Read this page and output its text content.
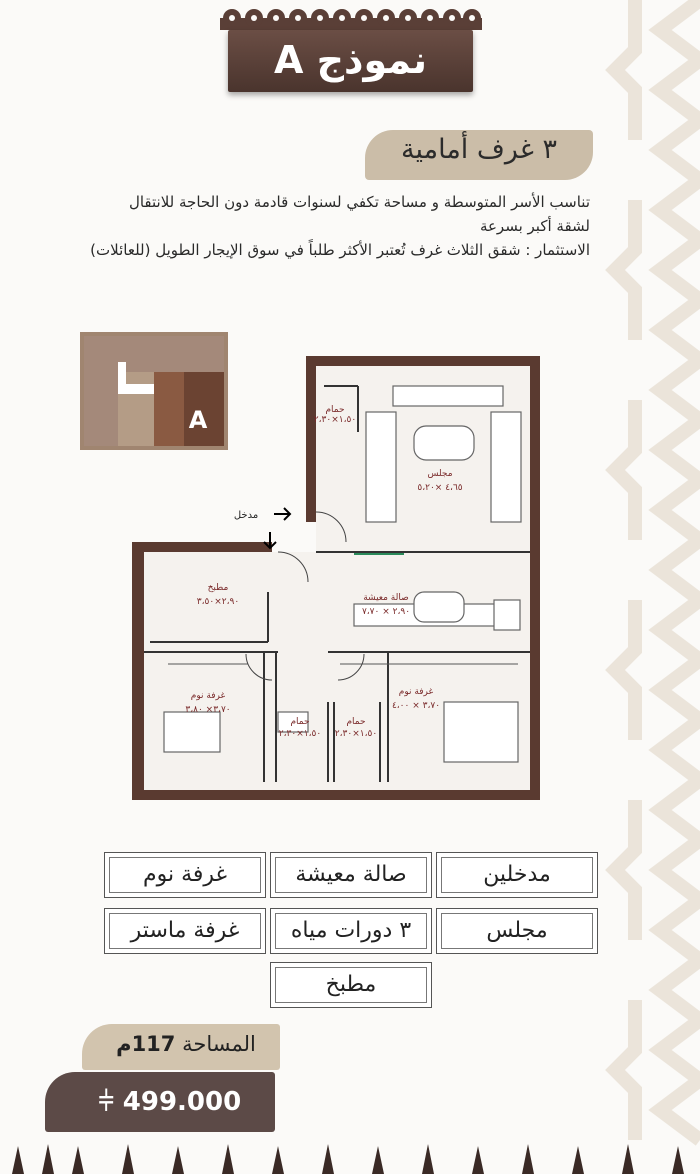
نموذج A
٣ غرف أمامية
تناسب الأسر المتوسطة و مساحة تكفي لسنوات قادمة دون الحاجة للانتقال
لشقة أكبر بسرعة
الاستثمار : شقق الثلاث غرف تُعتبر الأكثر طلباً في سوق الإيجار الطويل (للعائلات)
A
مجلس
٤،٦٥ ×٥،٢٠
حمام
١،٥٠×٢،٣٠
مطبخ
٢،٩٠×٣،٥٠	صالة معيشة
٢،٩٠ × ٧،٧٠
غرفة نوم
٣،٧٠× ٣،٨٠
غرفة نوم
٣،٧٠ × ٤،٠٠
حمام
١،٥٠×٢،٣٠
حمام
١،٥٠×٢،٣٠
مدخل
مدخلين
صالة معيشة
غرفة نوم
مجلس
٣ دورات مياه
غرفة ماستر
مطبخ
المساحة 117م
⫩ 499.000
